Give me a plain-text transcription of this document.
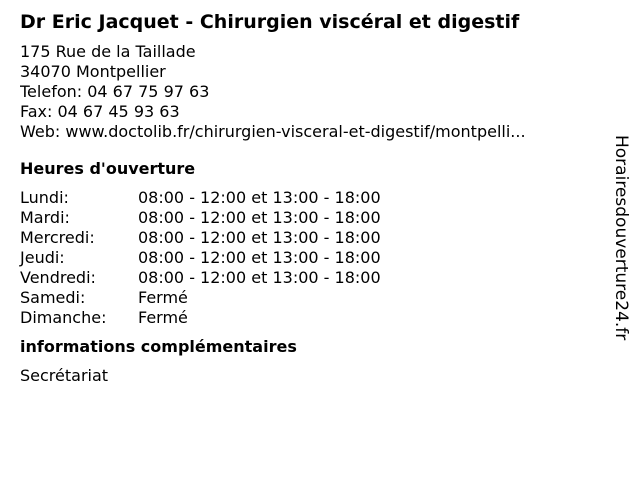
Dr Eric Jacquet - Chirurgien viscéral et digestif
175 Rue de la Taillade
34070 Montpellier
Telefon: 04 67 75 97 63
Fax: 04 67 45 93 63
Web: www.doctolib.fr/chirurgien-visceral-et-digestif/montpelli...
Heures d'ouverture
Lundi:	08:00 - 12:00 et 13:00 - 18:00
Mardi:	08:00 - 12:00 et 13:00 - 18:00
Mercredi:	08:00 - 12:00 et 13:00 - 18:00
Jeudi:	08:00 - 12:00 et 13:00 - 18:00
Vendredi:	08:00 - 12:00 et 13:00 - 18:00
Samedi:	Fermé
Dimanche:	Fermé
informations complémentaires
Secrétariat
Horairesdouverture24.fr
